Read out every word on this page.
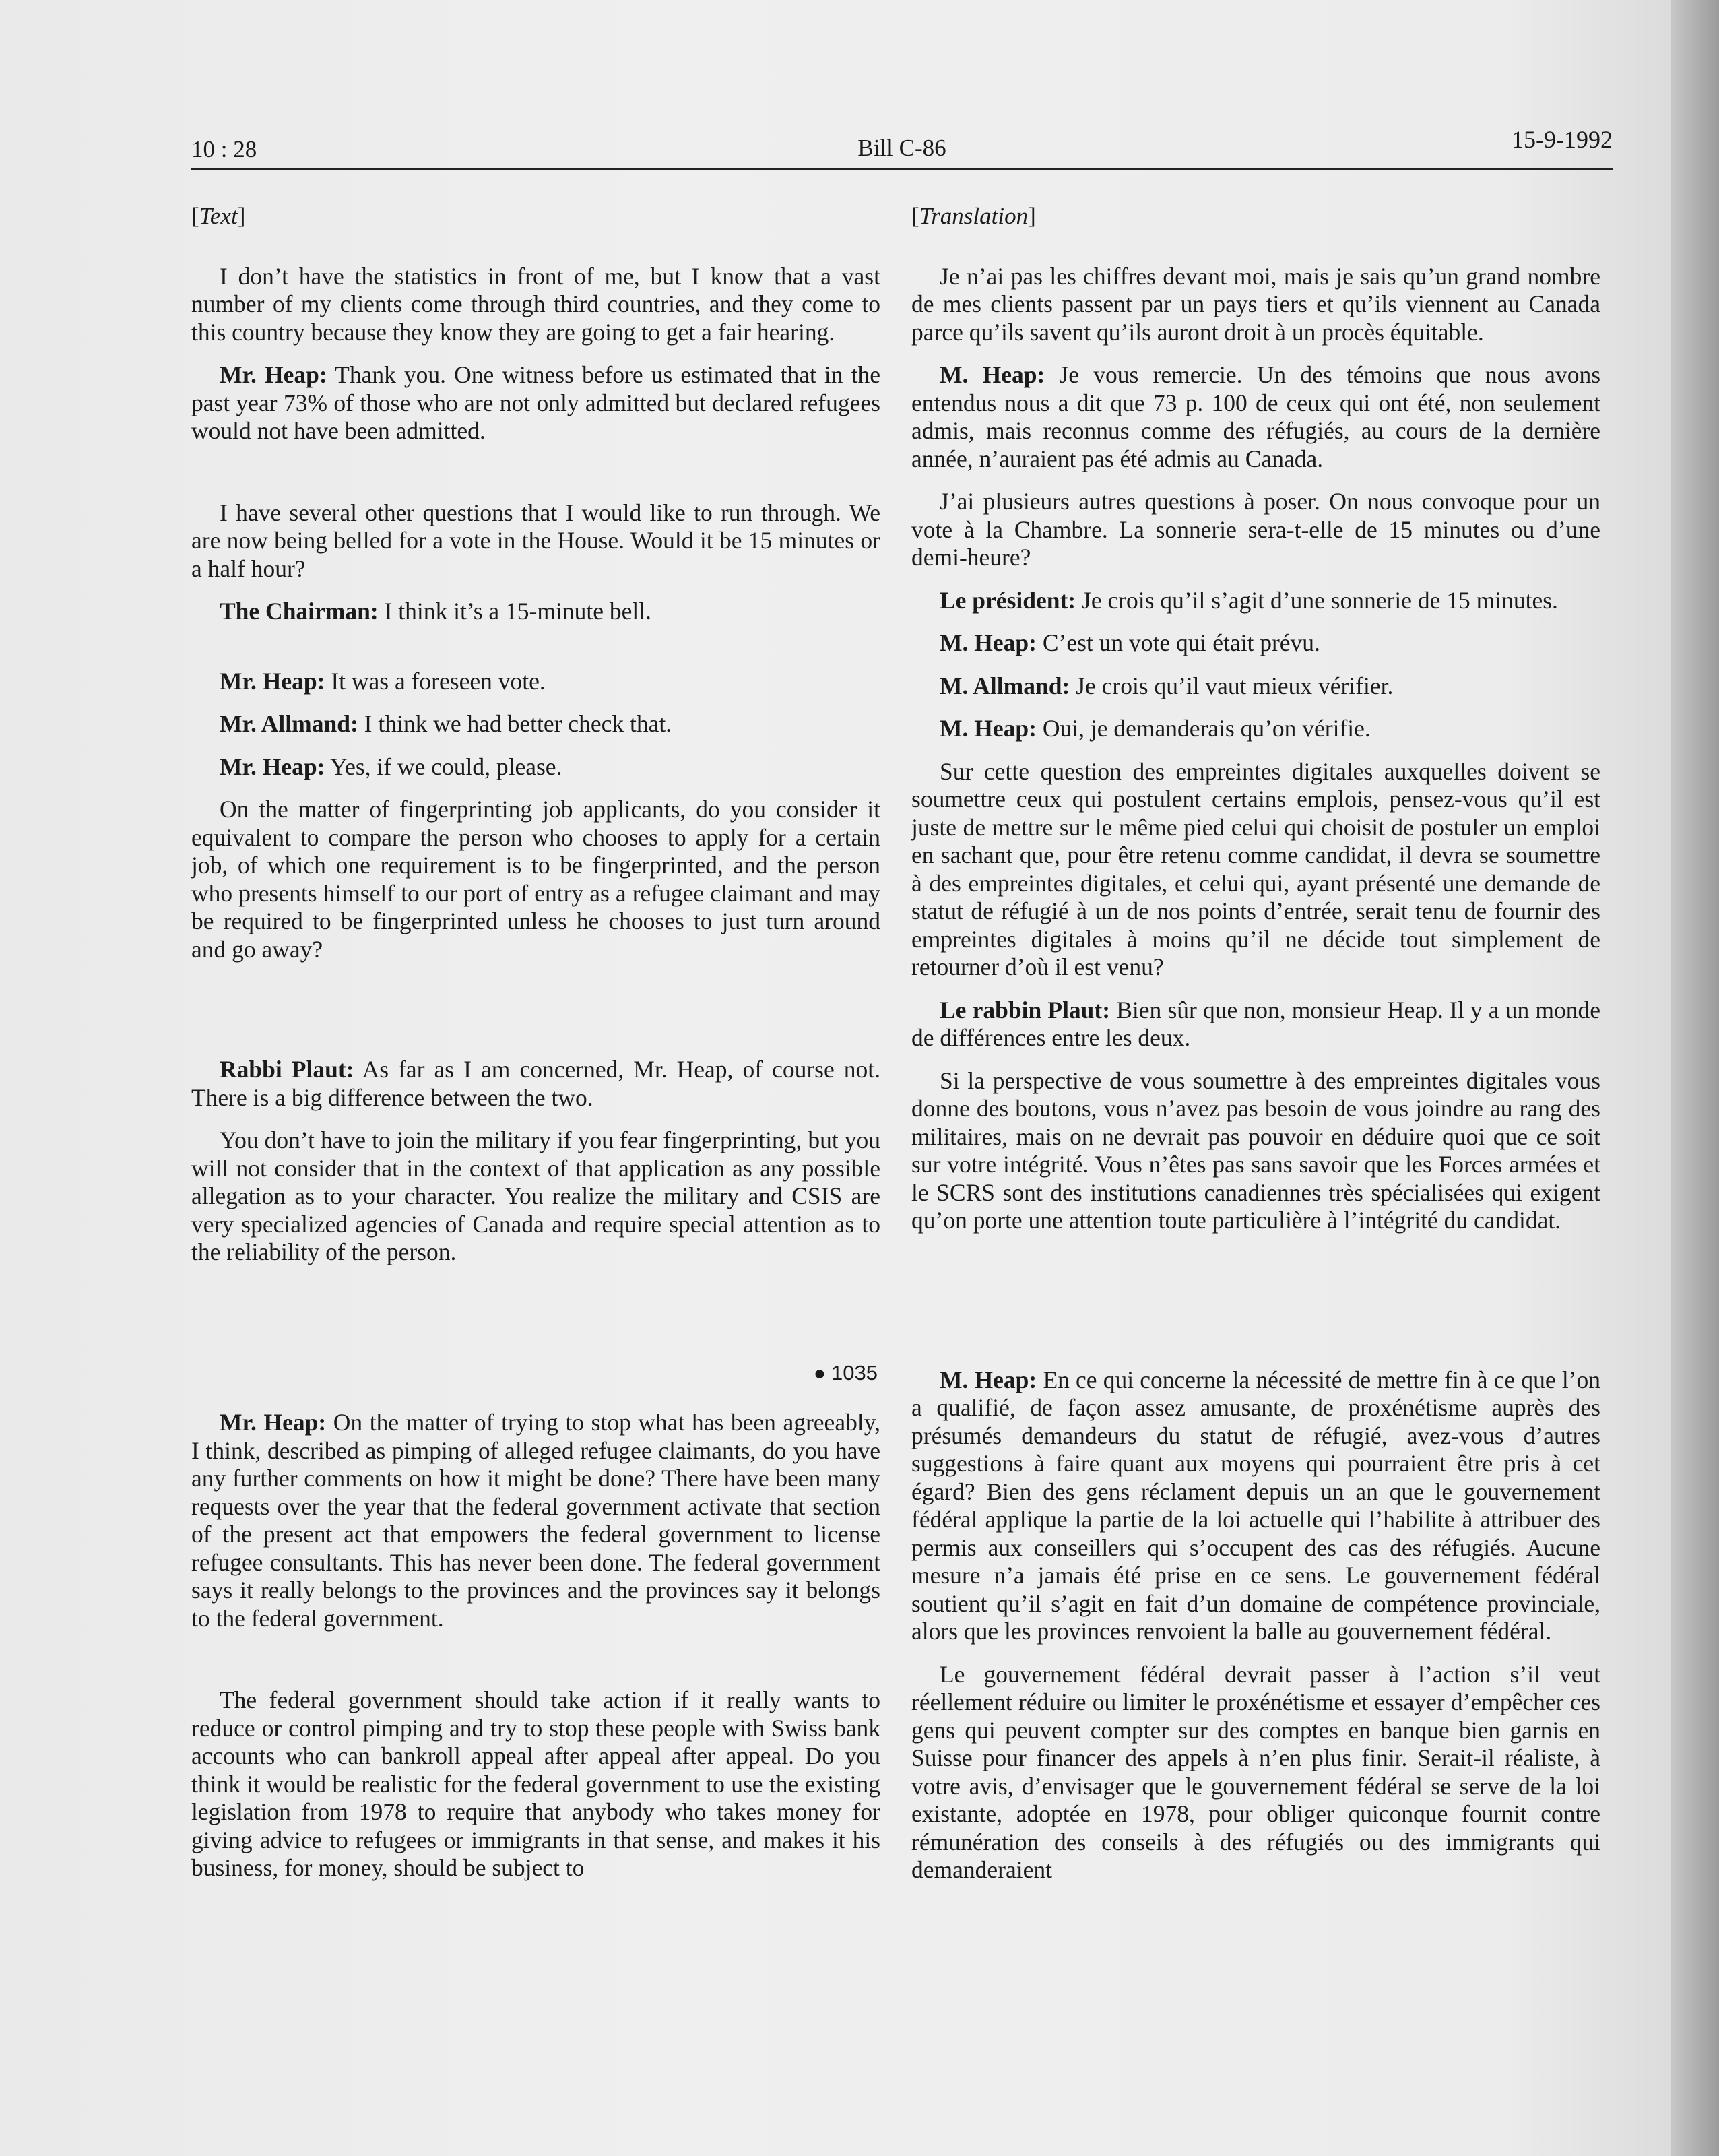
10 : 28	Bill C-86	15-9-1992
[Text]

I don’t have the statistics in front of me, but I know that a vast number of my clients come through third countries, and they come to this country because they know they are going to get a fair hearing.

Mr. Heap: Thank you. One witness before us estimated that in the past year 73% of those who are not only admitted but declared refugees would not have been admitted.

I have several other questions that I would like to run through. We are now being belled for a vote in the House. Would it be 15 minutes or a half hour?

The Chairman: I think it’s a 15-minute bell.

Mr. Heap: It was a foreseen vote.

Mr. Allmand: I think we had better check that.

Mr. Heap: Yes, if we could, please.

On the matter of fingerprinting job applicants, do you consider it equivalent to compare the person who chooses to apply for a certain job, of which one requirement is to be fingerprinted, and the person who presents himself to our port of entry as a refugee claimant and may be required to be fingerprinted unless he chooses to just turn around and go away?

Rabbi Plaut: As far as I am concerned, Mr. Heap, of course not. There is a big difference between the two.

You don’t have to join the military if you fear fingerprinting, but you will not consider that in the context of that application as any possible allegation as to your character. You realize the military and CSIS are very specialized agencies of Canada and require special attention as to the reliability of the person.

● 1035

Mr. Heap: On the matter of trying to stop what has been agreeably, I think, described as pimping of alleged refugee claimants, do you have any further comments on how it might be done? There have been many requests over the year that the federal government activate that section of the present act that empowers the federal government to license refugee consultants. This has never been done. The federal government says it really belongs to the provinces and the provinces say it belongs to the federal government.

The federal government should take action if it really wants to reduce or control pimping and try to stop these people with Swiss bank accounts who can bankroll appeal after appeal after appeal. Do you think it would be realistic for the federal government to use the existing legislation from 1978 to require that anybody who takes money for giving advice to refugees or immigrants in that sense, and makes it his business, for money, should be subject to

[Translation]

Je n’ai pas les chiffres devant moi, mais je sais qu’un grand nombre de mes clients passent par un pays tiers et qu’ils viennent au Canada parce qu’ils savent qu’ils auront droit à un procès équitable.

M. Heap: Je vous remercie. Un des témoins que nous avons entendus nous a dit que 73 p. 100 de ceux qui ont été, non seulement admis, mais reconnus comme des réfugiés, au cours de la dernière année, n’auraient pas été admis au Canada.

J’ai plusieurs autres questions à poser. On nous convoque pour un vote à la Chambre. La sonnerie sera-t-elle de 15 minutes ou d’une demi-heure?

Le président: Je crois qu’il s’agit d’une sonnerie de 15 minutes.

M. Heap: C’est un vote qui était prévu.

M. Allmand: Je crois qu’il vaut mieux vérifier.

M. Heap: Oui, je demanderais qu’on vérifie.

Sur cette question des empreintes digitales auxquelles doivent se soumettre ceux qui postulent certains emplois, pensez-vous qu’il est juste de mettre sur le même pied celui qui choisit de postuler un emploi en sachant que, pour être retenu comme candidat, il devra se soumettre à des empreintes digitales, et celui qui, ayant présenté une demande de statut de réfugié à un de nos points d’entrée, serait tenu de fournir des empreintes digitales à moins qu’il ne décide tout simplement de retourner d’où il est venu?

Le rabbin Plaut: Bien sûr que non, monsieur Heap. Il y a un monde de différences entre les deux.

Si la perspective de vous soumettre à des empreintes digitales vous donne des boutons, vous n’avez pas besoin de vous joindre au rang des militaires, mais on ne devrait pas pouvoir en déduire quoi que ce soit sur votre intégrité. Vous n’êtes pas sans savoir que les Forces armées et le SCRS sont des institutions canadiennes très spécialisées qui exigent qu’on porte une attention toute particulière à l’intégrité du candidat.

M. Heap: En ce qui concerne la nécessité de mettre fin à ce que l’on a qualifié, de façon assez amusante, de proxénétisme auprès des présumés demandeurs du statut de réfugié, avez-vous d’autres suggestions à faire quant aux moyens qui pourraient être pris à cet égard? Bien des gens réclament depuis un an que le gouvernement fédéral applique la partie de la loi actuelle qui l’habilite à attribuer des permis aux conseillers qui s’occupent des cas des réfugiés. Aucune mesure n’a jamais été prise en ce sens. Le gouvernement fédéral soutient qu’il s’agit en fait d’un domaine de compétence provinciale, alors que les provinces renvoient la balle au gouvernement fédéral.

Le gouvernement fédéral devrait passer à l’action s’il veut réellement réduire ou limiter le proxénétisme et essayer d’empêcher ces gens qui peuvent compter sur des comptes en banque bien garnis en Suisse pour financer des appels à n’en plus finir. Serait-il réaliste, à votre avis, d’envisager que le gouvernement fédéral se serve de la loi existante, adoptée en 1978, pour obliger quiconque fournit contre rémunération des conseils à des réfugiés ou des immigrants qui demanderaient
